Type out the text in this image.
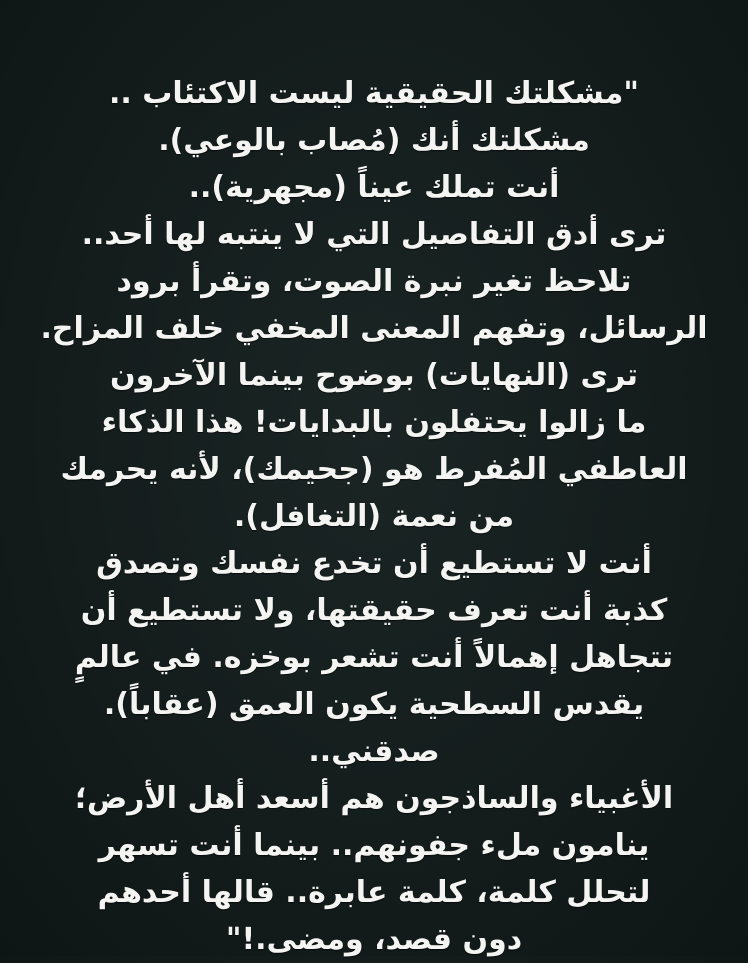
"مشكلتك الحقيقية ليست الاكتئاب ..
مشكلتك أنك (مُصاب بالوعي).
أنت تملك عيناً (مجهرية)..
ترى أدق التفاصيل التي لا ينتبه لها أحد..
تلاحظ تغير نبرة الصوت، وتقرأ برود
الرسائل، وتفهم المعنى المخفي خلف المزاح.
ترى (النهايات) بوضوح بينما الآخرون
ما زالوا يحتفلون بالبدايات! هذا الذكاء
العاطفي المُفرط هو (جحيمك)، لأنه يحرمك
من نعمة (التغافل).
أنت لا تستطيع أن تخدع نفسك وتصدق
كذبة أنت تعرف حقيقتها، ولا تستطيع أن
تتجاهل إهمالاً أنت تشعر بوخزه. في عالمٍ
يقدس السطحية يكون العمق (عقاباً).
صدقني..
الأغبياء والساذجون هم أسعد أهل الأرض؛
ينامون ملء جفونهم.. بينما أنت تسهر
لتحلل كلمة، كلمة عابرة.. قالها أحدهم
دون قصد، ومضى.!"
